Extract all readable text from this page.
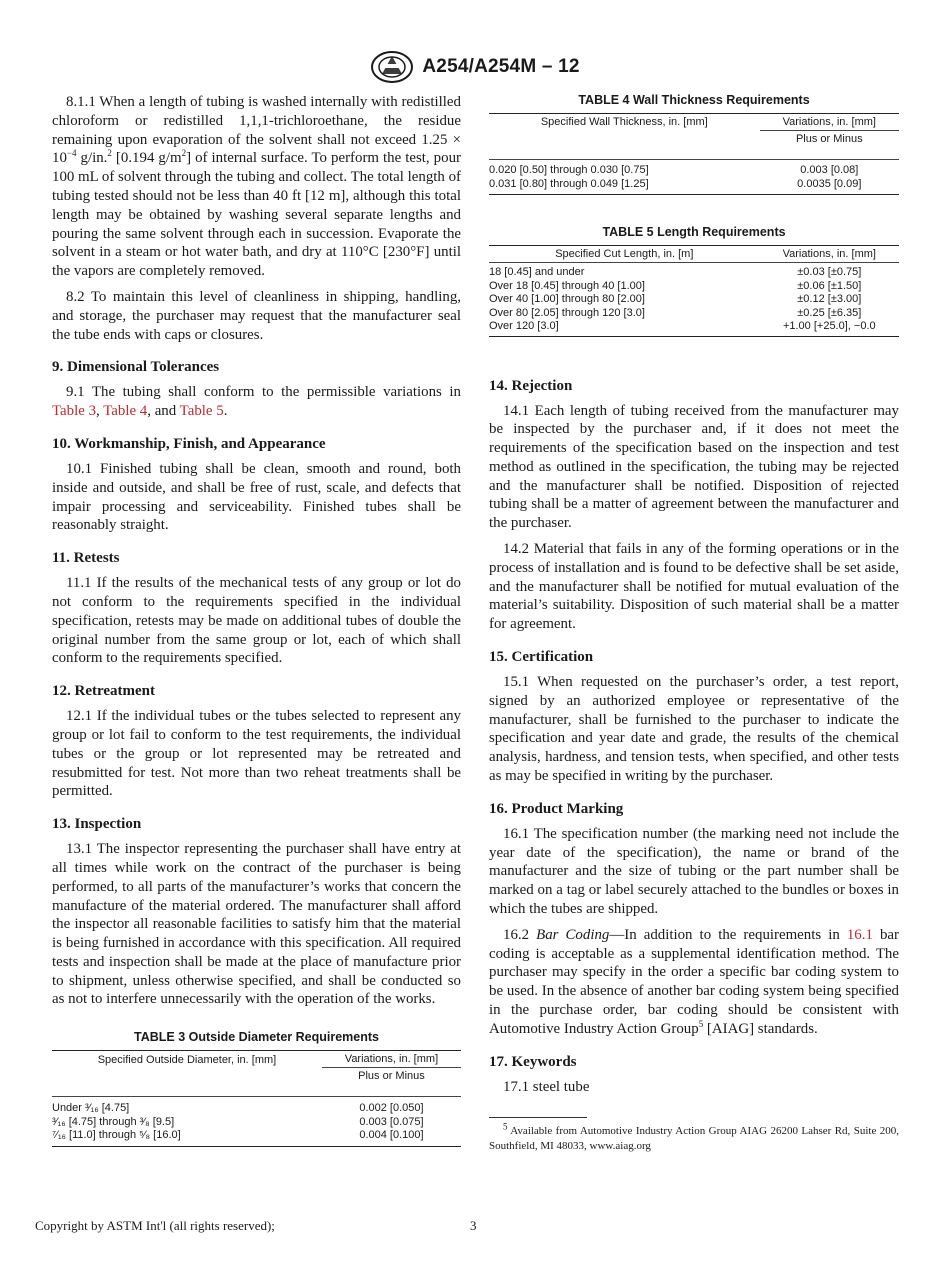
A254/A254M – 12

8.1.1 When a length of tubing is washed internally with redistilled chloroform or redistilled 1,1,1-trichloroethane, the residue remaining upon evaporation of the solvent shall not exceed $1.25 \times 10^{-4}$ g/in.$^2$ [0.194 $g/m^2$] of internal surface. To perform the test, pour 100 mL of solvent through the tubing and collect. The total length of tubing tested should not be less than 40 ft [12 m], although this total length may be obtained by washing several separate lengths and pouring the same solvent through each in succession. Evaporate the solvent in a steam or hot water bath, and dry at 110°C [230°F] until the vapors are completely removed.

8.2 To maintain this level of cleanliness in shipping, handling, and storage, the purchaser may request that the manufacturer seal the tube ends with caps or closures.

9. Dimensional Tolerances

9.1 The tubing shall conform to the permissible variations in Table 3, Table 4, and Table 5.

10. Workmanship, Finish, and Appearance

10.1 Finished tubing shall be clean, smooth and round, both inside and outside, and shall be free of rust, scale, and defects that impair processing and serviceability. Finished tubes shall be reasonably straight.

11. Retests

11.1 If the results of the mechanical tests of any group or lot do not conform to the requirements specified in the individual specification, retests may be made on additional tubes of double the original number from the same group or lot, each of which shall conform to the requirements specified.

12. Retreatment

12.1 If the individual tubes or the tubes selected to represent any group or lot fail to conform to the test requirements, the individual tubes or the group or lot represented may be retreated and resubmitted for test. Not more than two reheat treatments shall be permitted.

13. Inspection

13.1 The inspector representing the purchaser shall have entry at all times while work on the contract of the purchaser is being performed, to all parts of the manufacturer’s works that concern the manufacture of the material ordered. The manufacturer shall afford the inspector all reasonable facilities to satisfy him that the material is being furnished in accordance with this specification. All required tests and inspection shall be made at the place of manufacture prior to shipment, unless otherwise specified, and shall be conducted so as not to interfere unnecessarily with the operation of the works.

TABLE 3 Outside Diameter Requirements
Specified Outside Diameter, in. [mm]	Variations, in. [mm]
	Plus or Minus
Under ³⁄₁₆ [4.75]	0.002 [0.050]
³⁄₁₆ [4.75] through ³⁄₈ [9.5]	0.003 [0.075]
⁷⁄₁₆ [11.0] through ⁵⁄₈ [16.0]	0.004 [0.100]
TABLE 4 Wall Thickness Requirements
Specified Wall Thickness, in. [mm]	Variations, in. [mm]
	Plus or Minus
0.020 [0.50] through 0.030 [0.75]	0.003 [0.08]
0.031 [0.80] through 0.049 [1.25]	0.0035 [0.09]
TABLE 5 Length Requirements
Specified Cut Length, in. [m]	Variations, in. [mm]
18 [0.45] and under	±0.03 [±0.75]
Over 18 [0.45] through 40 [1.00]	±0.06 [±1.50]
Over 40 [1.00] through 80 [2.00]	±0.12 [±3.00]
Over 80 [2.05] through 120 [3.0]	±0.25 [±6.35]
Over 120 [3.0]	+1.00 [+25.0], −0.0
14. Rejection

14.1 Each length of tubing received from the manufacturer may be inspected by the purchaser and, if it does not meet the requirements of the specification based on the inspection and test method as outlined in the specification, the tubing may be rejected and the manufacturer shall be notified. Disposition of rejected tubing shall be a matter of agreement between the manufacturer and the purchaser.

14.2 Material that fails in any of the forming operations or in the process of installation and is found to be defective shall be set aside, and the manufacturer shall be notified for mutual evaluation of the material’s suitability. Disposition of such material shall be a matter for agreement.

15. Certification

15.1 When requested on the purchaser’s order, a test report, signed by an authorized employee or representative of the manufacturer, shall be furnished to the purchaser to indicate the specification and year date and grade, the results of the chemical analysis, hardness, and tension tests, when specified, and other tests as may be specified in writing by the purchaser.

16. Product Marking

16.1 The specification number (the marking need not include the year date of the specification), the name or brand of the manufacturer and the size of tubing or the part number shall be marked on a tag or label securely attached to the bundles or boxes in which the tubes are shipped.

16.2 Bar Coding—In addition to the requirements in 16.1 bar coding is acceptable as a supplemental identification method. The purchaser may specify in the order a specific bar coding system to be used. In the absence of another bar coding system being specified in the purchase order, bar coding should be consistent with Automotive Industry Action Group$^5$ [AIAG] standards.

17. Keywords

17.1 steel tube

$^5$ Available from Automotive Industry Action Group AIAG 26200 Lahser Rd, Suite 200, Southfield, MI 48033, www.aiag.org

Copyright by ASTM Int'l (all rights reserved);	3
